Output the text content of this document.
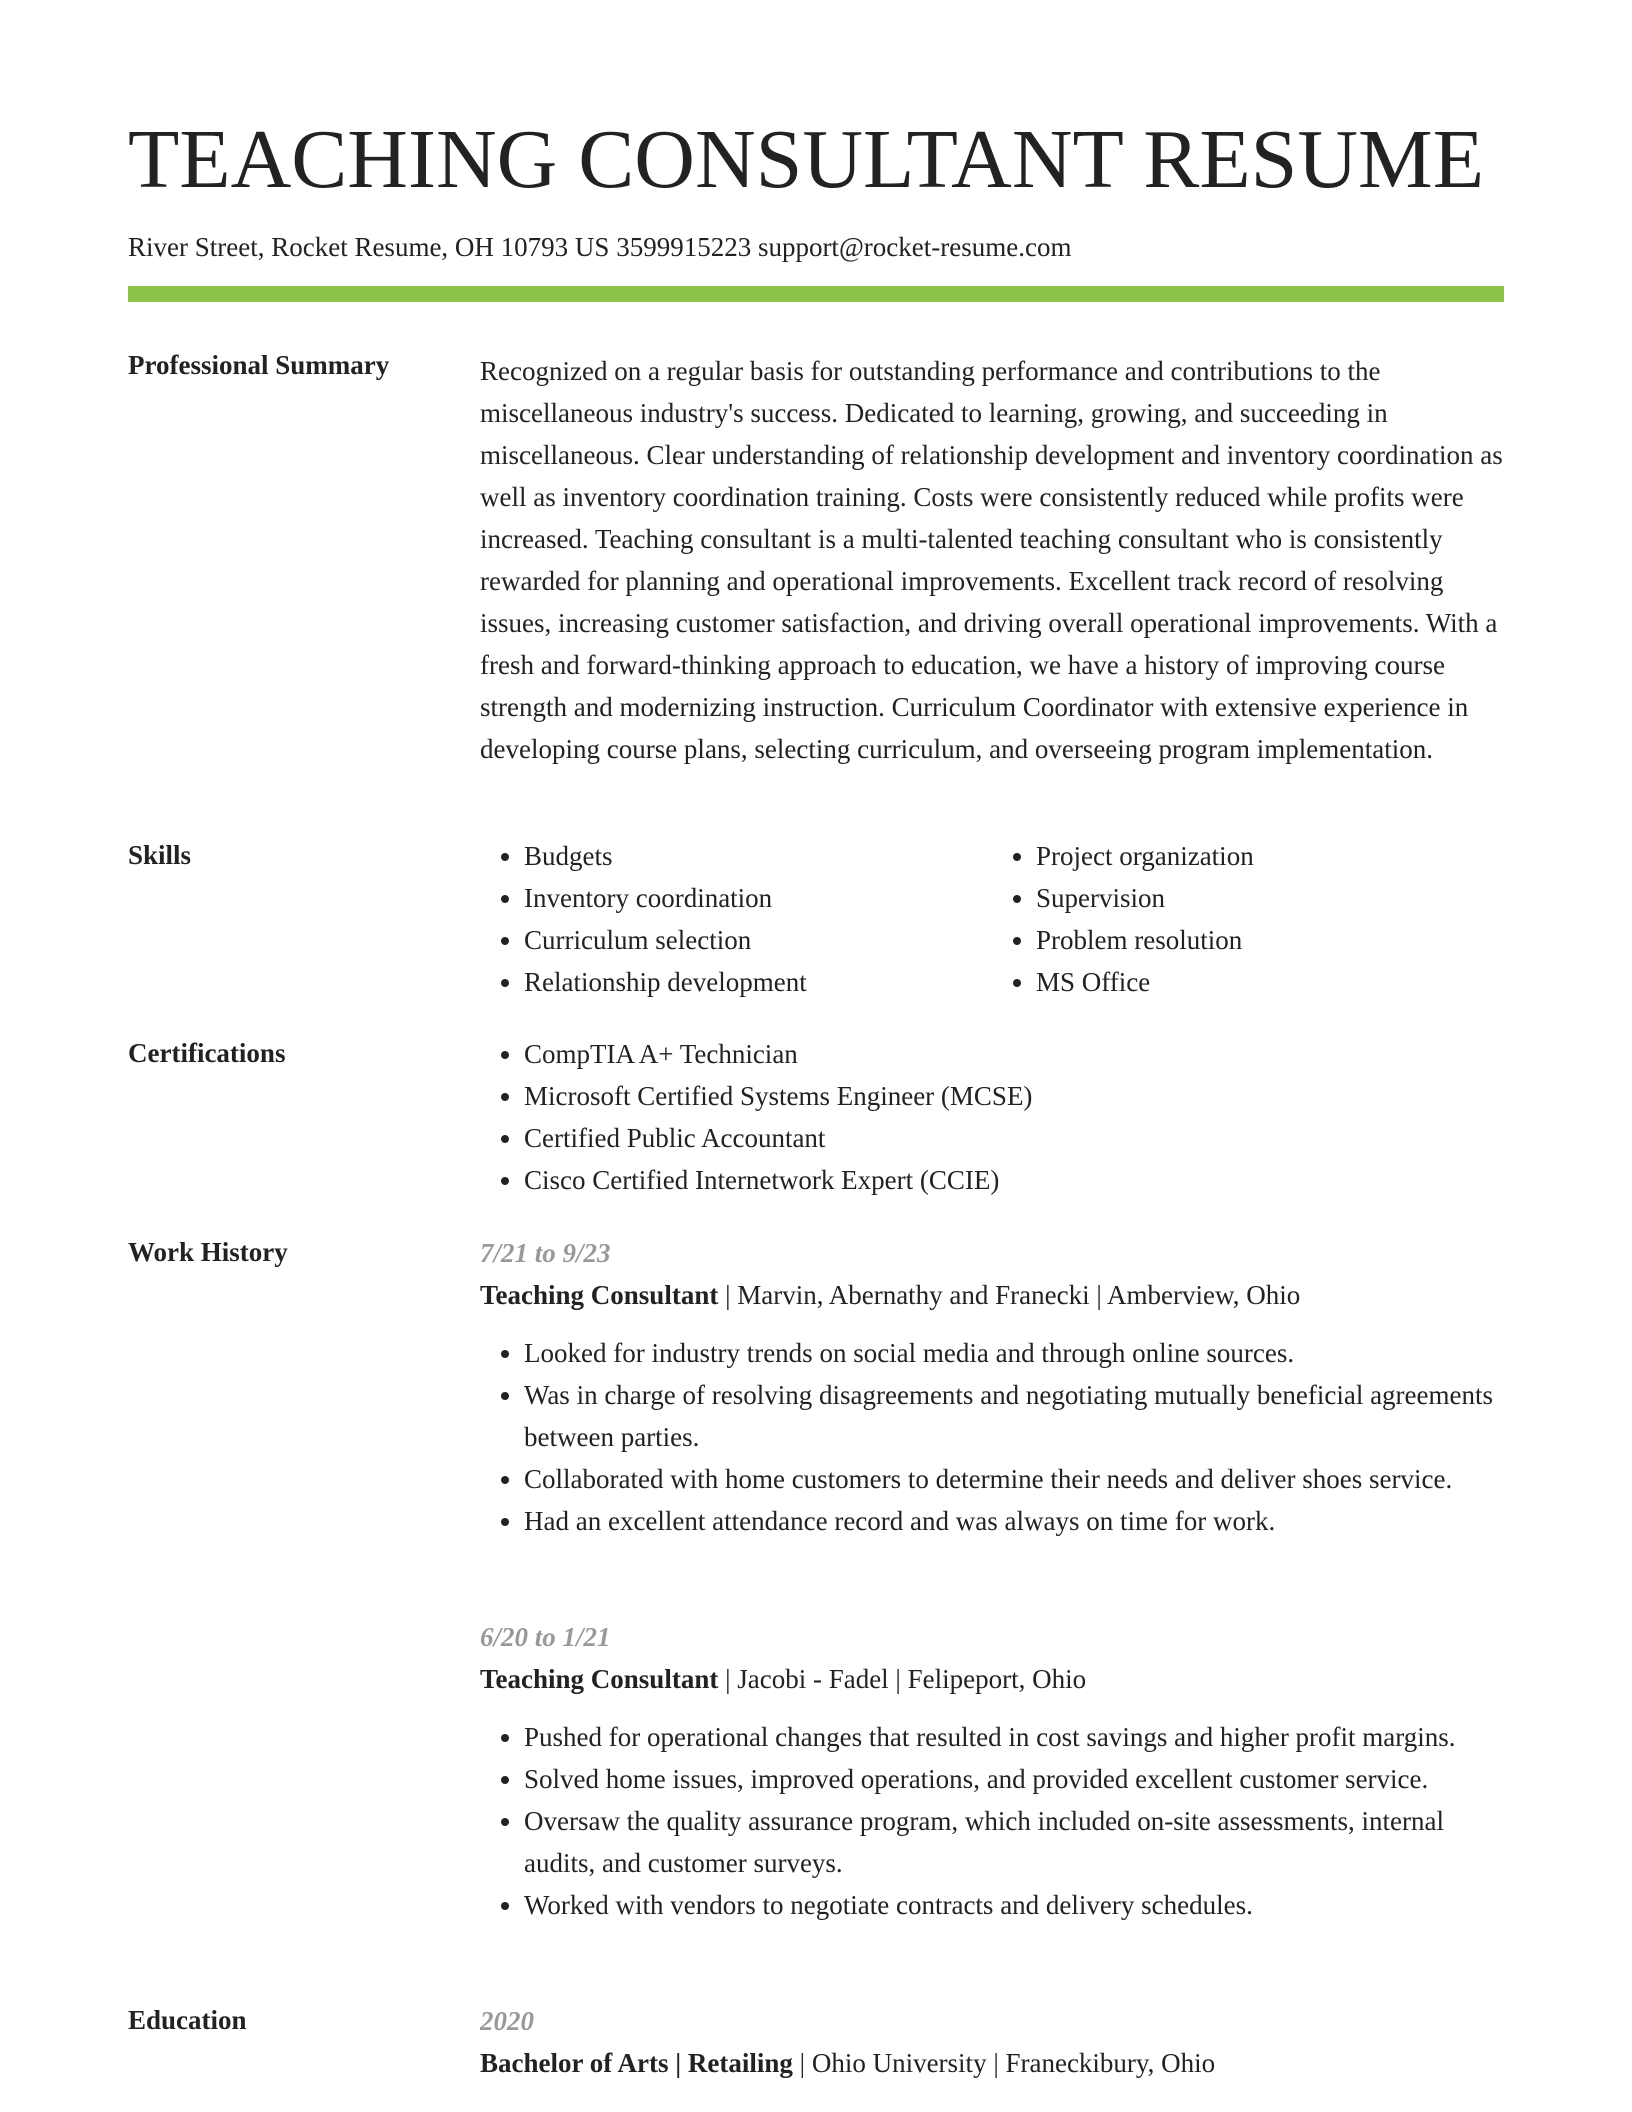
TEACHING CONSULTANT RESUME
River Street, Rocket Resume, OH 10793 US 3599915223 support@rocket-resume.com
Professional Summary	Recognized on a regular basis for outstanding performance and contributions to the miscellaneous industry's success. Dedicated to learning, growing, and succeeding in miscellaneous. Clear understanding of relationship development and inventory coordination as well as inventory coordination training. Costs were consistently reduced while profits were increased. Teaching consultant is a multi-talented teaching consultant who is consistently rewarded for planning and operational improvements. Excellent track record of resolving issues, increasing customer satisfaction, and driving overall operational improvements. With a fresh and forward-thinking approach to education, we have a history of improving course strength and modernizing instruction. Curriculum Coordinator with extensive experience in developing course plans, selecting curriculum, and overseeing program implementation.

Skills	• Budgets
• Inventory coordination
• Curriculum selection
• Relationship development
• Project organization
• Supervision
• Problem resolution
• MS Office
Certifications	• CompTIA A+ Technician
• Microsoft Certified Systems Engineer (MCSE)
• Certified Public Accountant
• Cisco Certified Internetwork Expert (CCIE)
Work History	7/21 to 9/23
Teaching Consultant | Marvin, Abernathy and Franecki | Amberview, Ohio
• Looked for industry trends on social media and through online sources.
• Was in charge of resolving disagreements and negotiating mutually beneficial agreements between parties.
• Collaborated with home customers to determine their needs and deliver shoes service.
• Had an excellent attendance record and was always on time for work.
6/20 to 1/21
Teaching Consultant | Jacobi - Fadel | Felipeport, Ohio
• Pushed for operational changes that resulted in cost savings and higher profit margins.
• Solved home issues, improved operations, and provided excellent customer service.
• Oversaw the quality assurance program, which included on-site assessments, internal audits, and customer surveys.
• Worked with vendors to negotiate contracts and delivery schedules.
Education	2020
Bachelor of Arts | Retailing | Ohio University | Franeckibury, Ohio
